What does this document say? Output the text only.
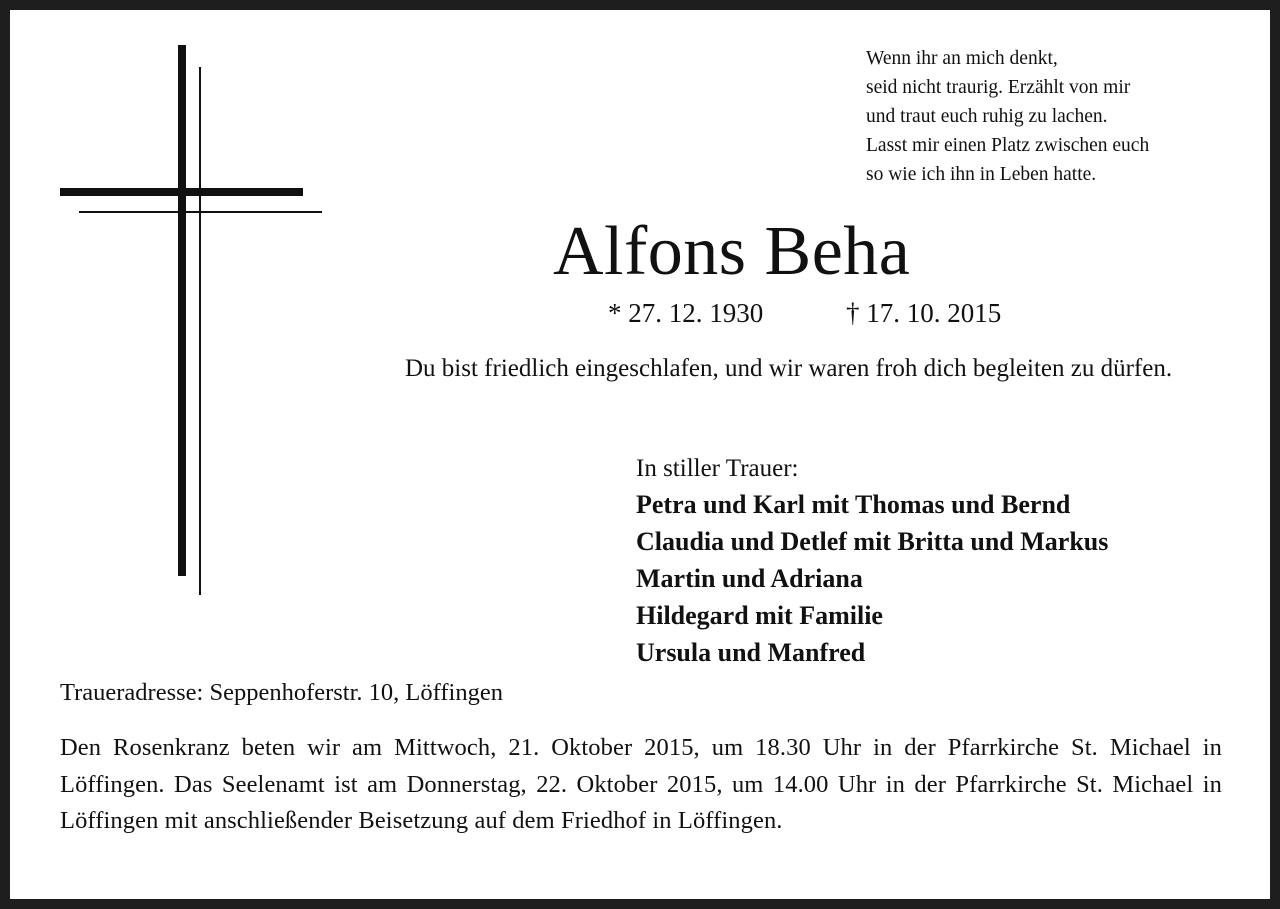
Wenn ihr an mich denkt,
seid nicht traurig. Erzählt von mir
und traut euch ruhig zu lachen.
Lasst mir einen Platz zwischen euch
so wie ich ihn in Leben hatte.
Alfons Beha
* 27. 12. 1930	† 17. 10. 2015
Du bist friedlich eingeschlafen, und wir waren froh dich begleiten zu dürfen.
In stiller Trauer:
Petra und Karl mit Thomas und Bernd
Claudia und Detlef mit Britta und Markus
Martin und Adriana
Hildegard mit Familie
Ursula und Manfred
Traueradresse: Seppenhoferstr. 10, Löffingen
Den Rosenkranz beten wir am Mittwoch, 21. Oktober 2015, um 18.30 Uhr in der Pfarrkirche St. Michael in Löffingen. Das Seelenamt ist am Donnerstag, 22. Oktober 2015, um 14.00 Uhr in der Pfarrkirche St. Michael in Löffingen mit anschließender Beisetzung auf dem Friedhof in Löffingen.
